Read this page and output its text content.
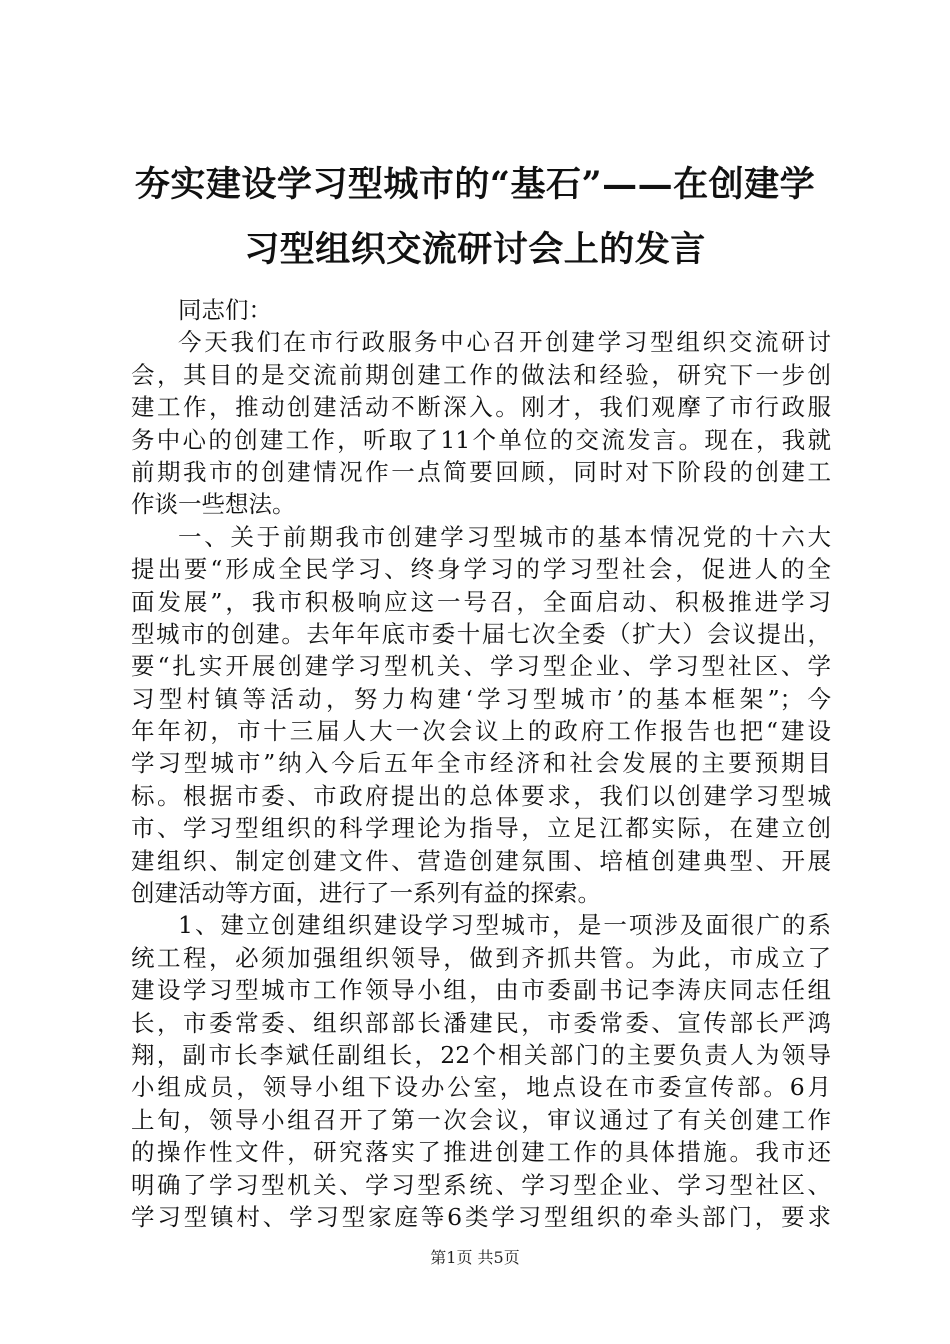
夯实建设学习型城市的“基石”——在创建学
习型组织交流研讨会上的发言
同志们：
今天我们在市行政服务中心召开创建学习型组织交流研讨
会，其目的是交流前期创建工作的做法和经验，研究下一步创
建工作，推动创建活动不断深入。刚才，我们观摩了市行政服
务中心的创建工作，听取了11个单位的交流发言。现在，我就
前期我市的创建情况作一点简要回顾，同时对下阶段的创建工
作谈一些想法。
一、关于前期我市创建学习型城市的基本情况党的十六大
提出要“形成全民学习、终身学习的学习型社会，促进人的全
面发展”，我市积极响应这一号召，全面启动、积极推进学习
型城市的创建。去年年底市委十届七次全委（扩大）会议提出，
要“扎实开展创建学习型机关、学习型企业、学习型社区、学
习型村镇等活动，努力构建‘学习型城市’的基本框架”；今
年年初，市十三届人大一次会议上的政府工作报告也把“建设
学习型城市”纳入今后五年全市经济和社会发展的主要预期目
标。根据市委、市政府提出的总体要求，我们以创建学习型城
市、学习型组织的科学理论为指导，立足江都实际，在建立创
建组织、制定创建文件、营造创建氛围、培植创建典型、开展
创建活动等方面，进行了一系列有益的探索。
1、建立创建组织建设学习型城市，是一项涉及面很广的系
统工程，必须加强组织领导，做到齐抓共管。为此，市成立了
建设学习型城市工作领导小组，由市委副书记李涛庆同志任组
长，市委常委、组织部部长潘建民，市委常委、宣传部长严鸿
翔，副市长李斌任副组长，22个相关部门的主要负责人为领导
小组成员，领导小组下设办公室，地点设在市委宣传部。6月
上旬，领导小组召开了第一次会议，审议通过了有关创建工作
的操作性文件，研究落实了推进创建工作的具体措施。我市还
明确了学习型机关、学习型系统、学习型企业、学习型社区、
学习型镇村、学习型家庭等6类学习型组织的牵头部门，要求
第1页 共5页
